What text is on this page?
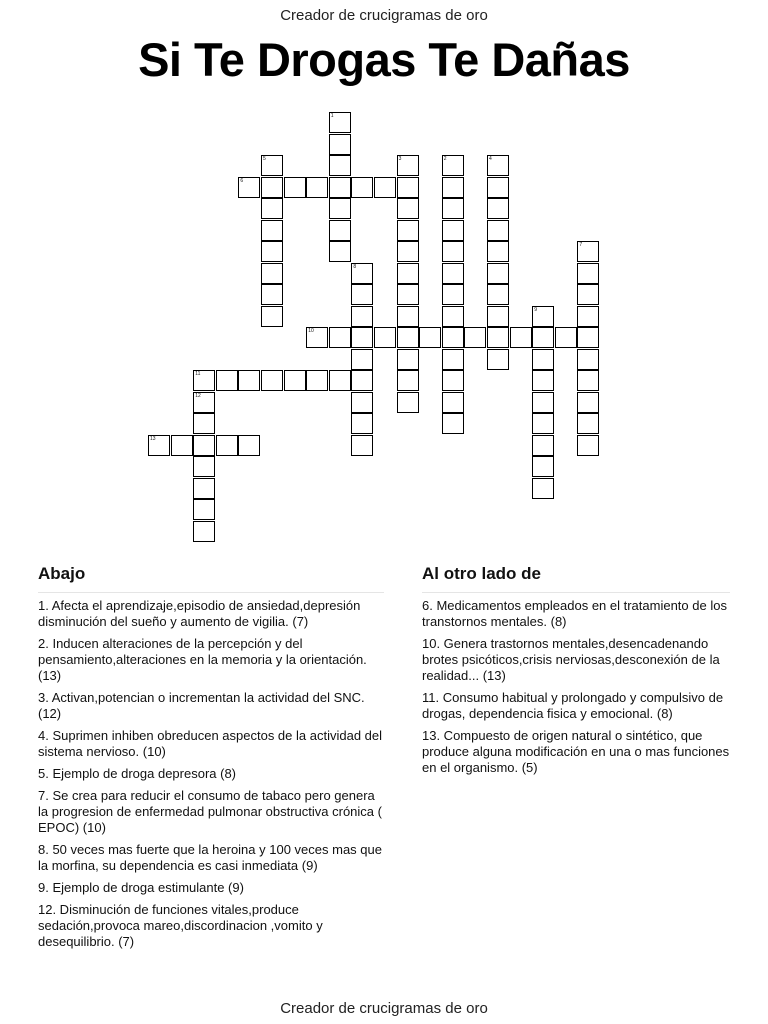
Creador de crucigramas de oro
Si Te Drogas Te Dañas
1
2
3	4
5
6
7
8
9
10
11
12
13
Abajo
1. Afecta el aprendizaje,episodio de ansiedad,depresión disminución del sueño y aumento de vigilia. (7)
2. Inducen alteraciones de la percepción y del pensamiento,alteraciones en la memoria y la orientación. (13)
3. Activan,potencian o incrementan la actividad del SNC. (12)
4. Suprimen inhiben obreducen aspectos de la actividad del sistema nervioso. (10)
5. Ejemplo de droga depresora (8)
7. Se crea para reducir el consumo de tabaco pero genera la progresion de enfermedad pulmonar obstructiva crónica ( EPOC) (10)
8. 50 veces mas fuerte que la heroina y 100 veces mas que la morfina, su dependencia es casi inmediata (9)
9. Ejemplo de droga estimulante (9)
12. Disminución de funciones vitales,produce sedación,provoca mareo,discordinacion ,vomito y desequilibrio. (7)
Al otro lado de
6. Medicamentos empleados en el tratamiento de los transtornos mentales. (8)
10. Genera trastornos mentales,desencadenando brotes psicóticos,crisis nerviosas,desconexión de la realidad... (13)
11. Consumo habitual y prolongado y compulsivo de drogas, dependencia fisica y emocional. (8)
13. Compuesto de origen natural o sintético, que produce alguna modificación en una o mas funciones en el organismo. (5)
Creador de crucigramas de oro
